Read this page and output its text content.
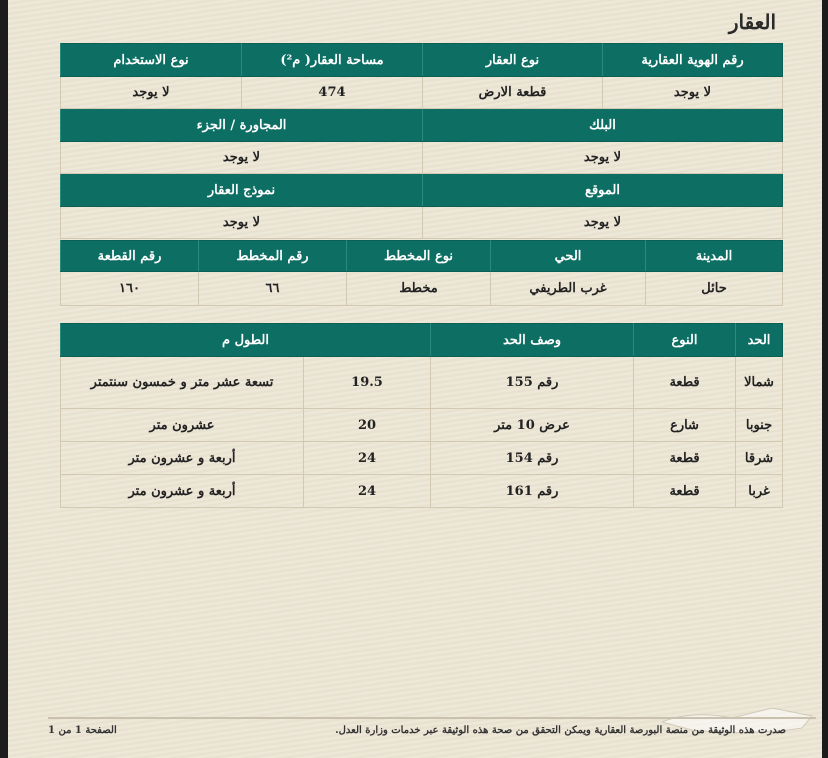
العقار
رقم الهوية العقارية	نوع العقار	مساحة العقار( م²)	نوع الاستخدام
لا يوجد	قطعة الارض	474	لا يوجد
البلك		المجاورة / الجزء	
لا يوجد		لا يوجد	
الموقع		نموذج العقار	
لا يوجد		لا يوجد	
المدينة	الحي	نوع المخطط	رقم المخطط	رقم القطعة
حائل	غرب الطريفي	مخطط	٦٦	١٦٠
الحد	النوع	وصف الحد	الطول م	
شمالا	قطعة	رقم 155	19.5	تسعة عشر متر و خمسون سنتمتر
جنوبا	شارع	عرض 10 متر	20	عشرون متر
شرقا	قطعة	رقم 154	24	أربعة و عشرون متر
غربا	قطعة	رقم 161	24	أربعة و عشرون متر
صدرت هذه الوثيقة من منصة البورصة العقارية ويمكن التحقق من صحة هذه الوثيقة عبر خدمات وزارة العدل.
الصفحة 1 من 1
